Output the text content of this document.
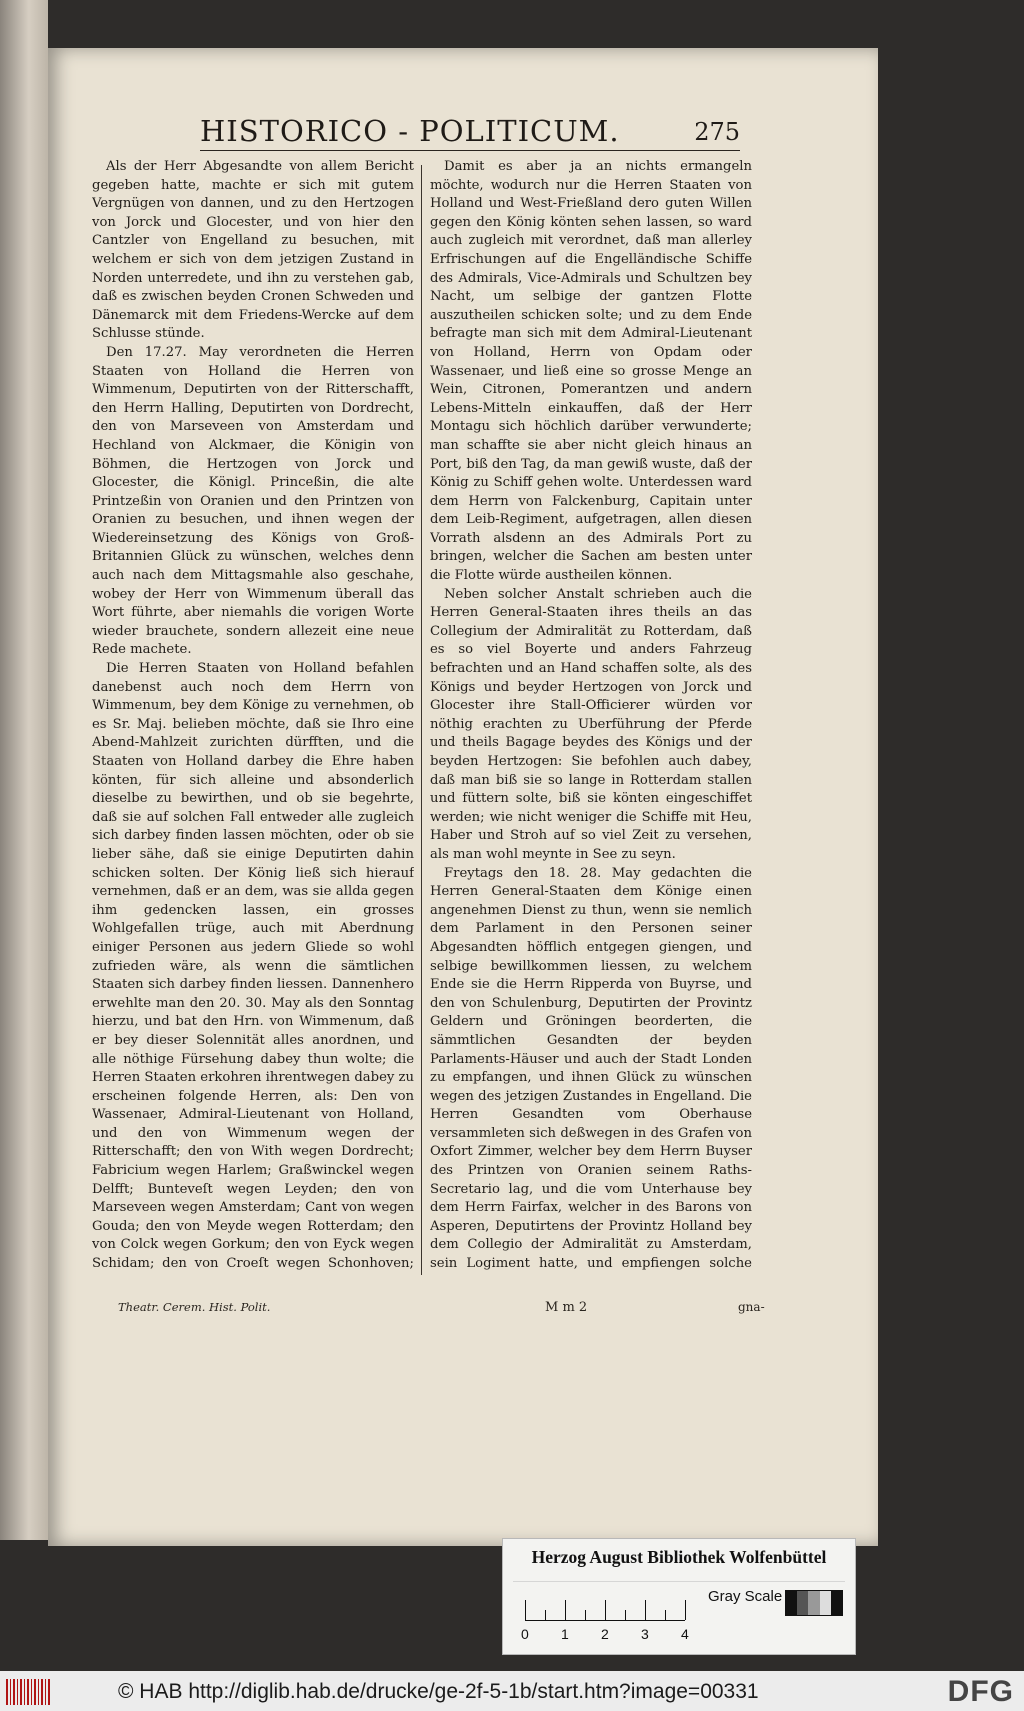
HISTORICO - POLITICUM.	275

Als der Herr Abgesandte von allem Bericht gegeben hatte, machte er sich mit gutem Vergnügen von dannen, und zu den Hertzogen von Jorck und Glocester, und von hier den Cantzler von Engelland zu besuchen, mit welchem er sich von dem jetzigen Zustand in Norden unterredete, und ihn zu verstehen gab, daß es zwischen beyden Cronen Schweden und Dänemarck mit dem Friedens-Wercke auf dem Schlusse stünde.

Den 17.27. May verordneten die Herren Staaten von Holland die Herren von Wimmenum, Deputirten von der Ritterschafft, den Herrn Halling, Deputirten von Dordrecht, den von Marseveen von Amsterdam und Hechland von Alckmaer, die Königin von Böhmen, die Hertzogen von Jorck und Glocester, die Königl. Princeßin, die alte Printzeßin von Oranien und den Printzen von Oranien zu besuchen, und ihnen wegen der Wiedereinsetzung des Königs von Groß-Britannien Glück zu wünschen, welches denn auch nach dem Mittagsmahle also geschahe, wobey der Herr von Wimmenum überall das Wort führte, aber niemahls die vorigen Worte wieder brauchete, sondern allezeit eine neue Rede machete.

Die Herren Staaten von Holland befahlen danebenst auch noch dem Herrn von Wimmenum, bey dem Könige zu vernehmen, ob es Sr. Maj. belieben möchte, daß sie Ihro eine Abend-Mahlzeit zurichten dürfften, und die Staaten von Holland darbey die Ehre haben könten, für sich alleine und absonderlich dieselbe zu bewirthen, und ob sie begehrte, daß sie auf solchen Fall entweder alle zugleich sich darbey finden lassen möchten, oder ob sie lieber sähe, daß sie einige Deputirten dahin schicken solten. Der König ließ sich hierauf vernehmen, daß er an dem, was sie allda gegen ihm gedencken lassen, ein grosses Wohlgefallen trüge, auch mit Aberdnung einiger Personen aus jedern Gliede so wohl zufrieden wäre, als wenn die sämtlichen Staaten sich darbey finden liessen. Dannenhero erwehlte man den 20. 30. May als den Sonntag hierzu, und bat den Hrn. von Wimmenum, daß er bey dieser Solennität alles anordnen, und alle nöthige Fürsehung dabey thun wolte; die Herren Staaten erkohren ihrentwegen dabey zu erscheinen folgende Herren, als: Den von Wassenaer, Admiral-Lieutenant von Holland, und den von Wimmenum wegen der Ritterschafft; den von With wegen Dordrecht; Fabricium wegen Harlem; Graßwinckel wegen Delfft; Bunteveſt wegen Leyden; den von Marseveen wegen Amsterdam; Cant von wegen Gouda; den von Meyde wegen Rotterdam; den von Colck wegen Gorkum; den von Eyck wegen Schidam; den von Croeſt wegen Schonhoven;

Damit es aber ja an nichts ermangeln möchte, wodurch nur die Herren Staaten von Holland und West-Frießland dero guten Willen gegen den König könten sehen lassen, so ward auch zugleich mit verordnet, daß man allerley Erfrischungen auf die Engelländische Schiffe des Admirals, Vice-Admirals und Schultzen bey Nacht, um selbige der gantzen Flotte auszutheilen schicken solte; und zu dem Ende befragte man sich mit dem Admiral-Lieutenant von Holland, Herrn von Opdam oder Wassenaer, und ließ eine so grosse Menge an Wein, Citronen, Pomerantzen und andern Lebens-Mitteln einkauffen, daß der Herr Montagu sich höchlich darüber verwunderte; man schaffte sie aber nicht gleich hinaus an Port, biß den Tag, da man gewiß wuste, daß der König zu Schiff gehen wolte. Unterdessen ward dem Herrn von Falckenburg, Capitain unter dem Leib-Regiment, aufgetragen, allen diesen Vorrath alsdenn an des Admirals Port zu bringen, welcher die Sachen am besten unter die Flotte würde austheilen können.

Neben solcher Anstalt schrieben auch die Herren General-Staaten ihres theils an das Collegium der Admiralität zu Rotterdam, daß es so viel Boyerte und anders Fahrzeug befrachten und an Hand schaffen solte, als des Königs und beyder Hertzogen von Jorck und Glocester ihre Stall-Officierer würden vor nöthig erachten zu Uberführung der Pferde und theils Bagage beydes des Königs und der beyden Hertzogen: Sie befohlen auch dabey, daß man biß sie so lange in Rotterdam stallen und füttern solte, biß sie könten eingeschiffet werden; wie nicht weniger die Schiffe mit Heu, Haber und Stroh auf so viel Zeit zu versehen, als man wohl meynte in See zu seyn.

Freytags den 18. 28. May gedachten die Herren General-Staaten dem Könige einen angenehmen Dienst zu thun, wenn sie nemlich dem Parlament in den Personen seiner Abgesandten höfflich entgegen giengen, und selbige bewillkommen liessen, zu welchem Ende sie die Herrn Ripperda von Buyrse, und den von Schulenburg, Deputirten der Provintz Geldern und Gröningen beorderten, die sämmtlichen Gesandten der beyden Parlaments-Häuser und auch der Stadt Londen zu empfangen, und ihnen Glück zu wünschen wegen des jetzigen Zustandes in Engelland. Die Herren Gesandten vom Oberhause versammleten sich deßwegen in des Grafen von Oxfort Zimmer, welcher bey dem Herrn Buyser des Printzen von Oranien seinem Raths-Secretario lag, und die vom Unterhause bey dem Herrn Fairfax, welcher in des Barons von Asperen, Deputirtens der Provintz Holland bey dem Collegio der Admiralität zu Amsterdam, sein Logiment hatte, und empfiengen solche

Theatr. Cerem. Hist. Polit.	M m 2	gna-
Herzog August Bibliothek Wolfenbüttel
0 1 2 3 4
Gray Scale
© HAB http://diglib.hab.de/drucke/ge-2f-5-1b/start.htm?image=00331	DFG
